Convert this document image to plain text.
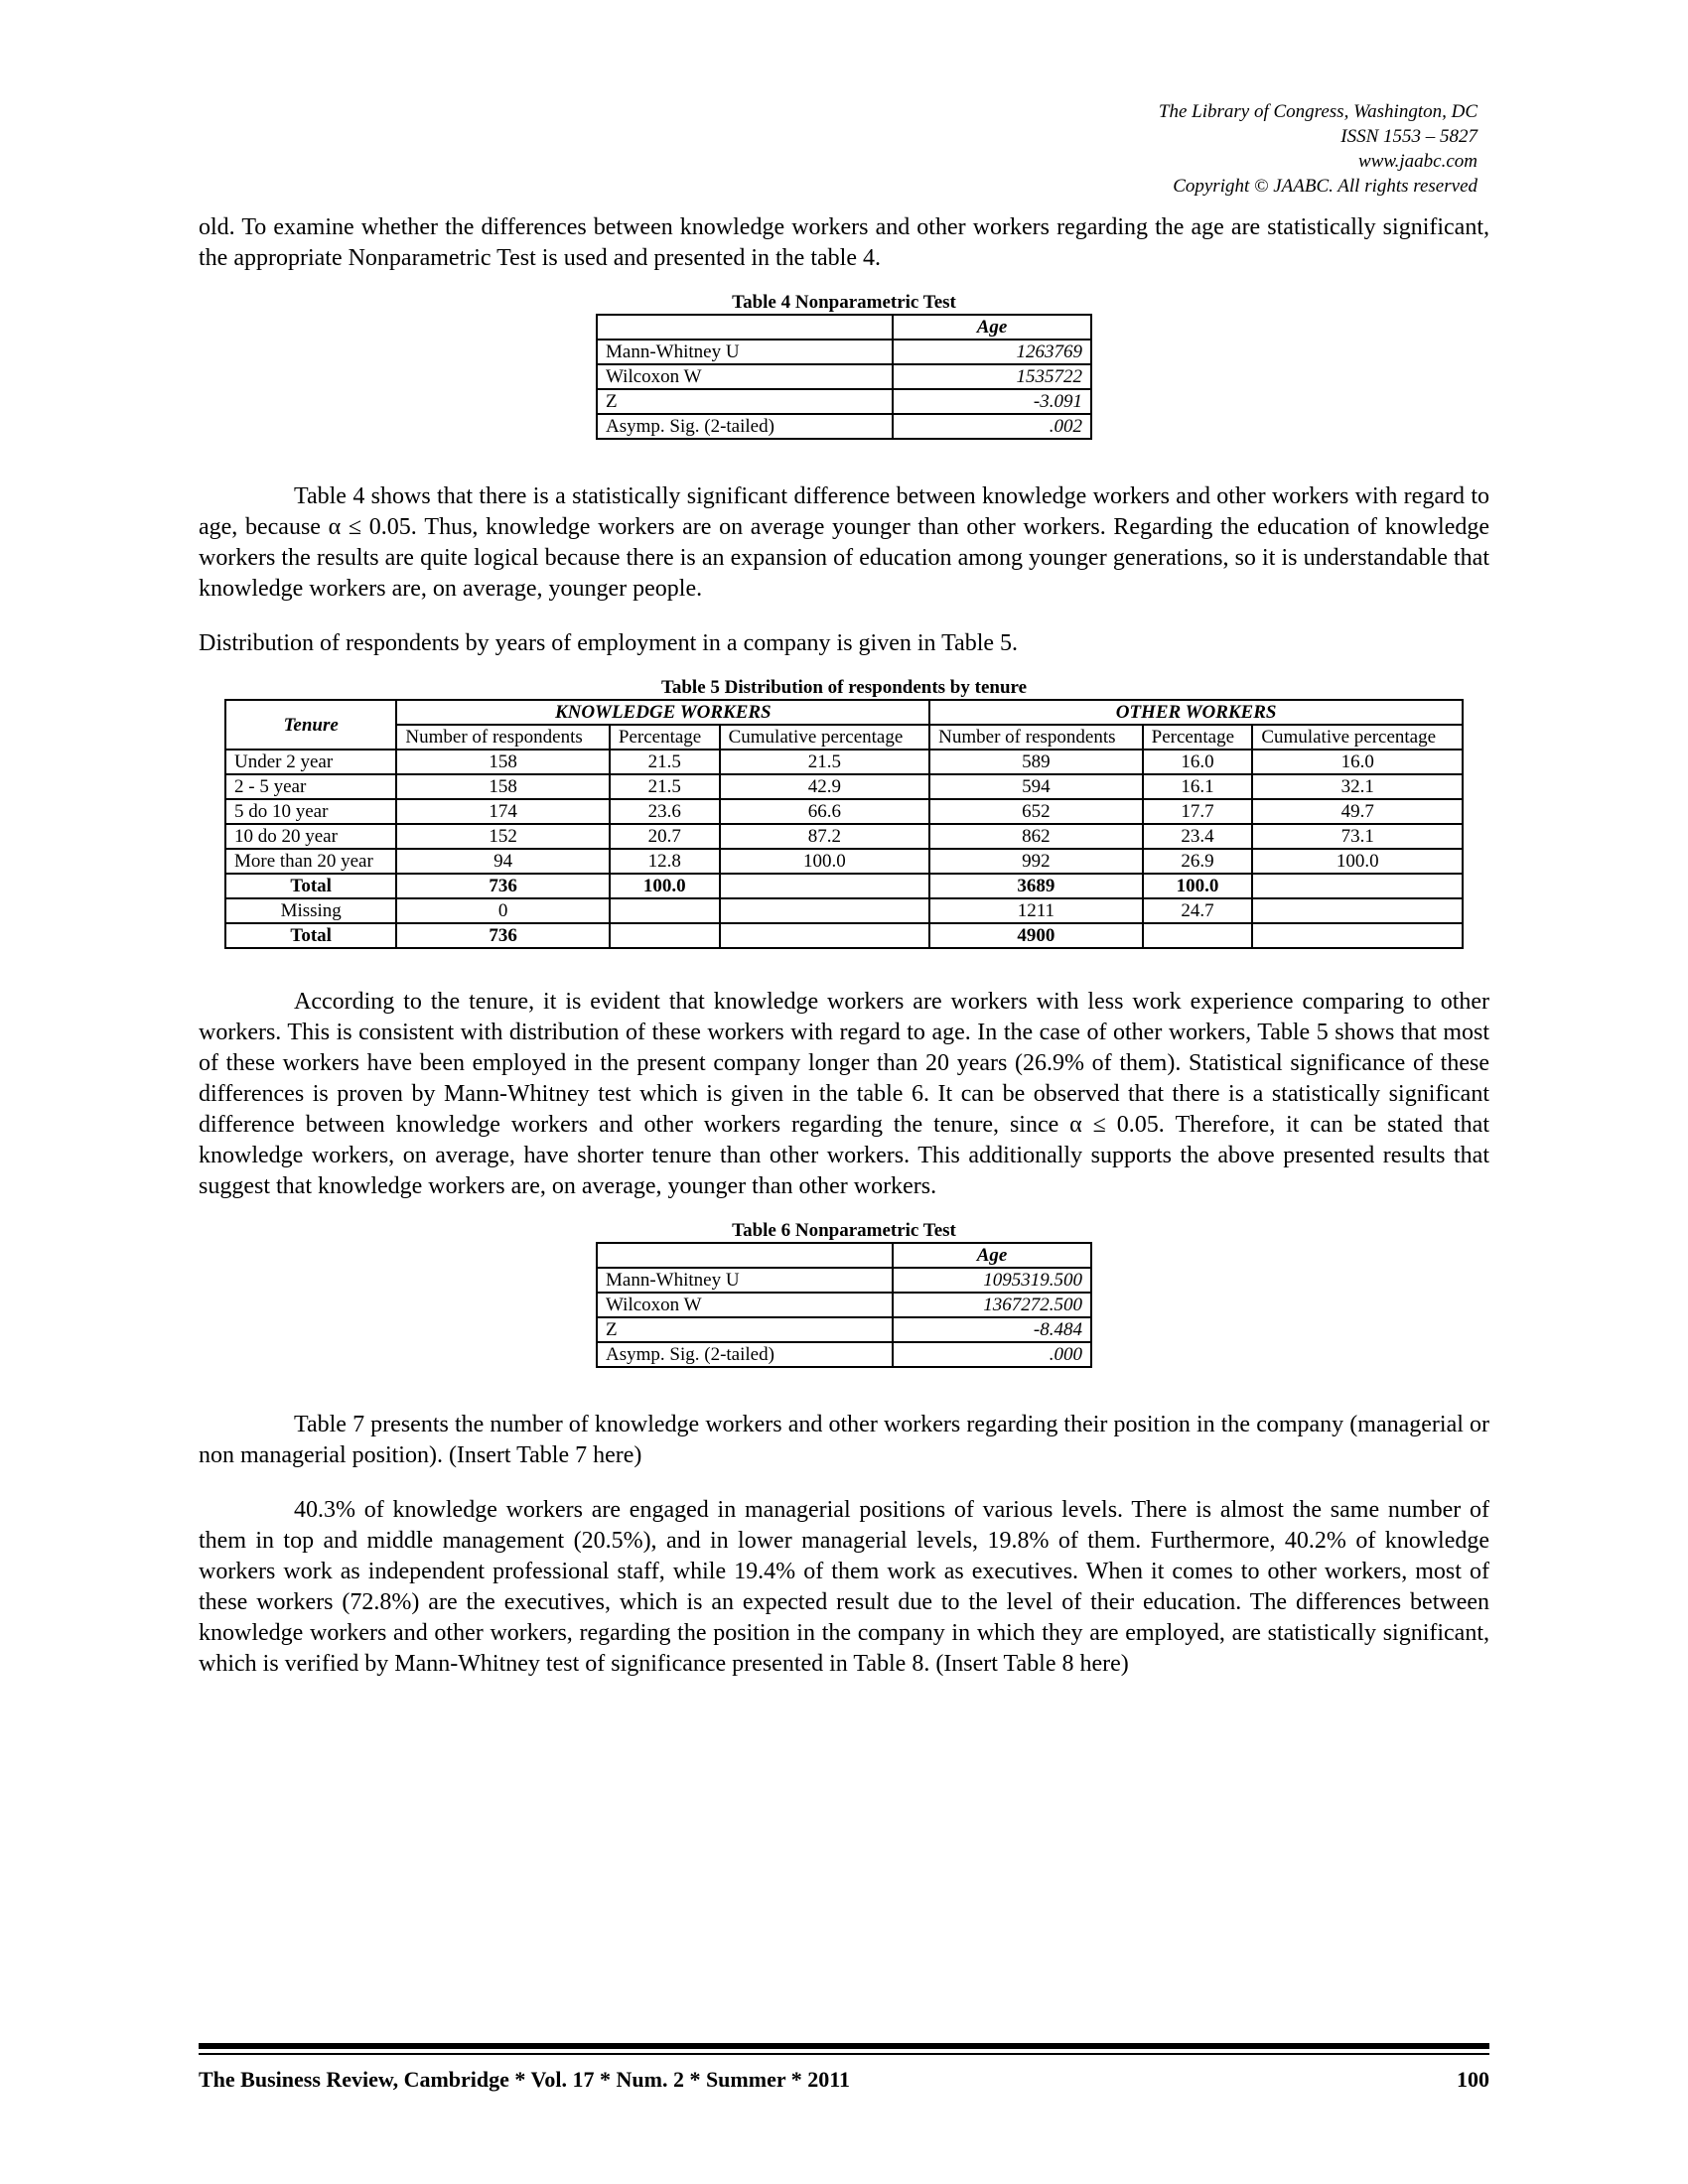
The Library of Congress, Washington, DC
ISSN 1553 – 5827
www.jaabc.com
Copyright © JAABC. All rights reserved

old. To examine whether the differences between knowledge workers and other workers regarding the age are statistically significant, the appropriate Nonparametric Test is used and presented in the table 4.

Table 4 Nonparametric Test
	Age
Mann-Whitney U	1263769
Wilcoxon W	1535722
Z	-3.091
Asymp. Sig. (2-tailed)	.002

Table 4 shows that there is a statistically significant difference between knowledge workers and other workers with regard to age, because α ≤ 0.05. Thus, knowledge workers are on average younger than other workers. Regarding the education of knowledge workers the results are quite logical because there is an expansion of education among younger generations, so it is understandable that knowledge workers are, on average, younger people.

Distribution of respondents by years of employment in a company is given in Table 5.

Table 5 Distribution of respondents by tenure
Tenure	KNOWLEDGE WORKERS			OTHER WORKERS		
	Number of respondents	Percentage	Cumulative percentage	Number of respondents	Percentage	Cumulative percentage
Under 2 year	158	21.5	21.5	589	16.0	16.0
2 - 5 year	158	21.5	42.9	594	16.1	32.1
5 do 10 year	174	23.6	66.6	652	17.7	49.7
10 do 20 year	152	20.7	87.2	862	23.4	73.1
More than 20 year	94	12.8	100.0	992	26.9	100.0
Total	736	100.0		3689	100.0	
Missing	0			1211	24.7	
Total	736			4900		

According to the tenure, it is evident that knowledge workers are workers with less work experience comparing to other workers. This is consistent with distribution of these workers with regard to age. In the case of other workers, Table 5 shows that most of these workers have been employed in the present company longer than 20 years (26.9% of them). Statistical significance of these differences is proven by Mann-Whitney test which is given in the table 6. It can be observed that there is a statistically significant difference between knowledge workers and other workers regarding the tenure, since α ≤ 0.05. Therefore, it can be stated that knowledge workers, on average, have shorter tenure than other workers. This additionally supports the above presented results that suggest that knowledge workers are, on average, younger than other workers.

Table 6 Nonparametric Test
	Age
Mann-Whitney U	1095319.500
Wilcoxon W	1367272.500
Z	-8.484
Asymp. Sig. (2-tailed)	.000

Table 7 presents the number of knowledge workers and other workers regarding their position in the company (managerial or non managerial position). (Insert Table 7 here)

40.3% of knowledge workers are engaged in managerial positions of various levels. There is almost the same number of them in top and middle management (20.5%), and in lower managerial levels, 19.8% of them. Furthermore, 40.2% of knowledge workers work as independent professional staff, while 19.4% of them work as executives. When it comes to other workers, most of these workers (72.8%) are the executives, which is an expected result due to the level of their education. The differences between knowledge workers and other workers, regarding the position in the company in which they are employed, are statistically significant, which is verified by Mann-Whitney test of significance presented in Table 8. (Insert Table 8 here)

The Business Review, Cambridge * Vol. 17 * Num. 2 * Summer * 2011	100
